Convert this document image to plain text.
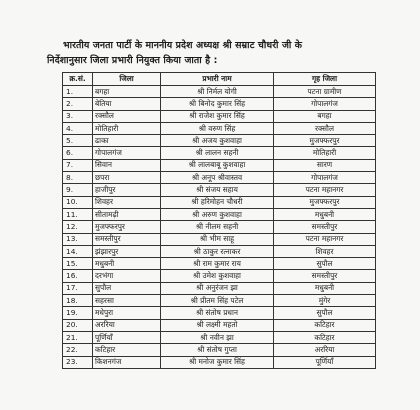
भारतीय जनता पार्टी के माननीय प्रदेश अध्यक्ष श्री सम्राट चौधरी जी के
निर्देशानुसार जिला प्रभारी नियुक्त किया जाता है :
क्र.सं.	जिला	प्रभारी नाम	गृह जिला
1.	बगहा	श्री निर्मल योगी	पटना ग्रामीण
2.	बेतिया	श्री बिनोद कुमार सिंह	गोपालगंज
3.	रक्सौल	श्री राजेश कुमार सिंह	बगहा
4.	मोतिहारी	श्री वरुण सिंह	रक्सौल
5.	ढाका	श्री अजय कुशवाहा	मुजफ्फरपुर
6.	गोपालगंज	श्री लालन सहनी	मोतिहारी
7.	सिवान	श्री लालबाबू कुशवाहा	सारण
8.	छपरा	श्री अनूप श्रीवास्तव	गोपालगंज
9.	हाजीपुर	श्री संजय सहाय	पटना महानगर
10.	शिवहर	श्री हरिमोहन चौधरी	मुजफ्फरपुर
11.	सीतामढ़ी	श्री अरुण कुशवाहा	मधुबनी
12.	मुजफ्फरपुर	श्री नीलम सहनी	समस्तीपुर
13.	समस्तीपुर	श्री भीम साहू	पटना महानगर
14.	झंझारपुर	श्री ठाकुर रत्नाकर	शिवहर
15.	मधुबनी	श्री राम कुमार राय	सुपौल
16.	दरभंगा	श्री उमेश कुशवाहा	समस्तीपुर
17.	सुपौल	श्री अनुरंजन झा	मधुबनी
18.	सहरसा	श्री प्रीतम सिंह पटेल	मुंगेर
19.	मधेपुरा	श्री संतोष प्रधान	सुपौल
20.	अररिया	श्री लक्ष्मी महतो	कटिहार
21.	पूर्णियाँ	श्री नवीन झा	कटिहार
22.	कटिहार	श्री संतोष गुप्ता	अररिया
23.	किशनगंज	श्री मनोज कुमार सिंह	पूर्णियाँ
